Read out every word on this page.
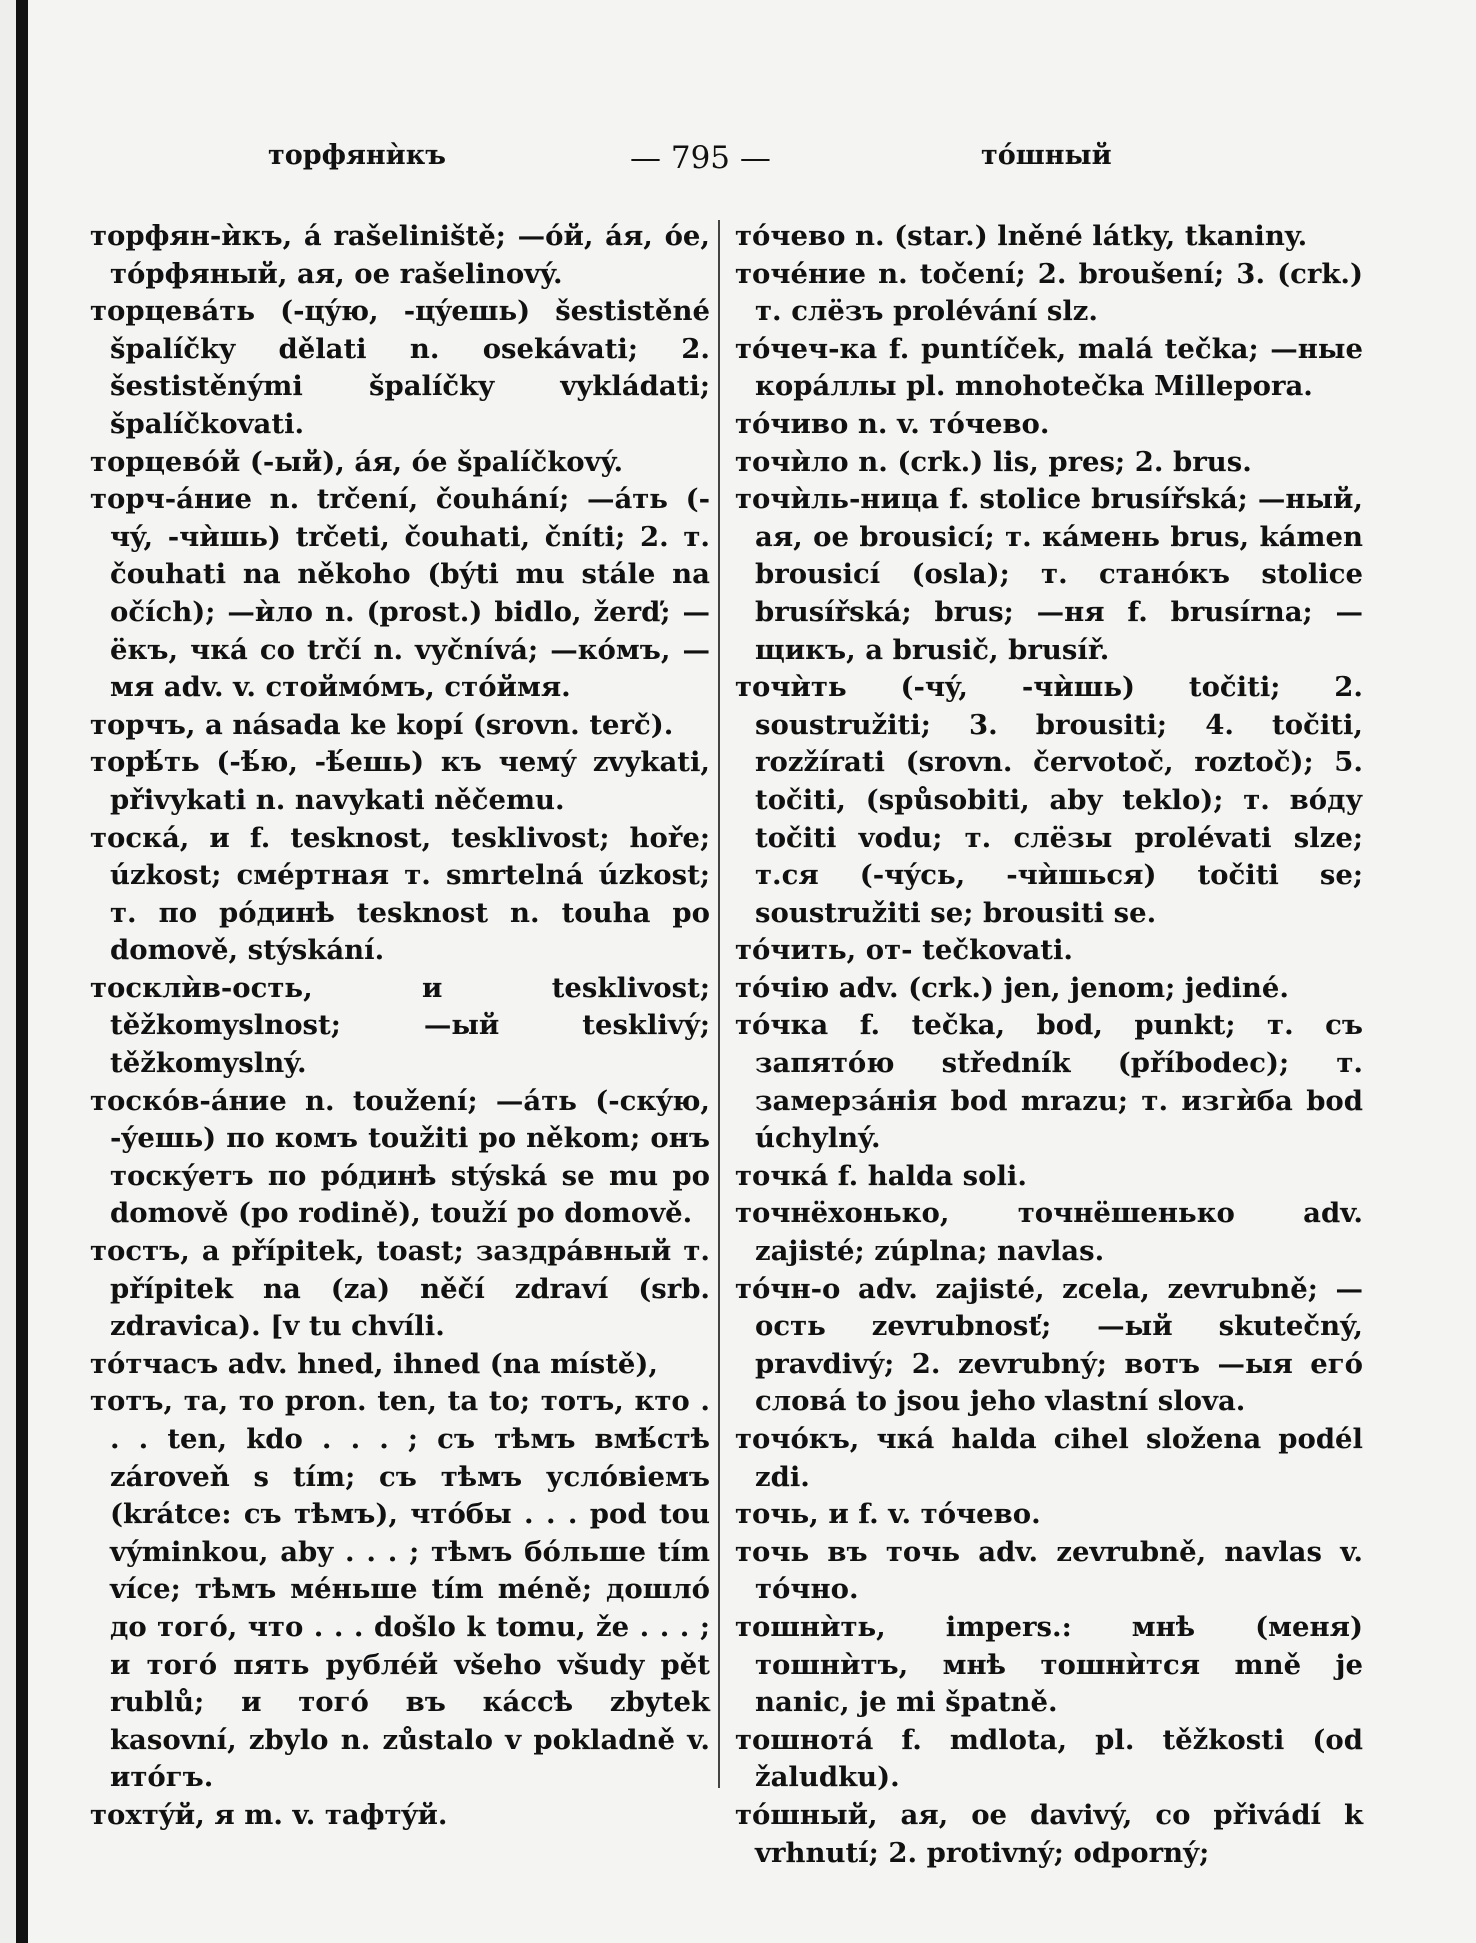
торфянѝкъ	— 795 —	тóшный

торфян-ѝкъ, á rašeliniště; —óй, áя, óе, тóрфяный, ая, ое rašelinový.

торцевáть (-цýю, -цýешь) šestistěné špalíčky dělati n. osekávati; 2. šestistěnými špalíčky vykládati; špalíčkovati.

торцевóй (-ый), áя, óе špalíčkový.

торч-áние n. trčení, čouhání; —áть (-чý, -чѝшь) trčeti, čouhati, čníti; 2. т. čouhati na někoho (býti mu stále na očích); —ѝло n. (prost.) bidlo, žerď; —ёкъ, чкá co trčí n. vyčnívá; —кóмъ, —мя adv. v. стоймóмъ, стóймя.

торчъ, a násada ke kopí (srovn. terč).

торѣ́ть (-ѣ́ю, -ѣ́ешь) къ чемý zvykati, přivykati n. navykati něčemu.

тоскá, и f. tesknost, tesklivost; hoře; úzkost; смéртная т. smrtelná úzkost; т. по рóдинѣ tesknost n. touha po domově, stýskání.

тосклѝв-ость, и tesklivost; těžkomyslnost; —ый tesklivý; těžkomyslný.

тоскóв-áние n. toužení; —áть (-скýю, -ýешь) по комъ toužiti po někom; онъ тоскýетъ по рóдинѣ stýská se mu po domově (po rodině), touží po domově.

тостъ, a přípitek, toast; заздрáвный т. přípitek na (za) něčí zdraví (srb. zdravica). [v tu chvíli.

тóтчасъ adv. hned, ihned (na místě),

тотъ, та, то pron. ten, ta to; тотъ, кто . . . ten, kdo . . . ; съ тѣмъ вмѣ́стѣ zároveň s tím; съ тѣмъ услóвіемъ (krátce: съ тѣмъ), чтóбы . . . pod tou výminkou, aby . . . ; тѣмъ бóльше tím více; тѣмъ мéньше tím méně; дошлó до тогó, что . . . došlo k tomu, že . . . ; и тогó пять рублéй všeho všudy pět rublů; и тогó въ кáссѣ zbytek kasovní, zbylo n. zůstalo v pokladně v. итóгъ.

тохтýй, я m. v. тафтýй.

тóчево n. (star.) lněné látky, tkaniny.

точéние n. točení; 2. broušení; 3. (crk.) т. слёзъ prolévání slz.

тóчеч-ка f. puntíček, malá tečka; —ные корáллы pl. mnohotečka Millepora.

тóчиво n. v. тóчево.

точѝло n. (crk.) lis, pres; 2. brus.

точѝль-ница f. stolice brusířská; —ный, ая, ое brousicí; т. кáмень brus, kámen brousicí (osla); т. станóкъ stolice brusířská; brus; —ня f. brusírna; —щикъ, a brusič, brusíř.

точѝть (-чý, -чѝшь) točiti; 2. soustružiti; 3. brousiti; 4. točiti, rozžírati (srovn. červotoč, roztoč); 5. točiti, (spůsobiti, aby teklo); т. вóду točiti vodu; т. слёзы prolévati slze; т.ся (-чýсь, -чѝшься) točiti se; soustružiti se; brousiti se.

тóчить, от- tečkovati.

тóчію adv. (crk.) jen, jenom; jediné.

тóчка f. tečka, bod, punkt; т. съ запятóю středník (příbodec); т. замерзáнія bod mrazu; т. изгѝба bod úchylný.

точкá f. halda soli.

точнёхонько, точнёшенько adv. zajisté; zúplna; navlas.

тóчн-о adv. zajisté, zcela, zevrubně; —ость zevrubnosť; —ый skutečný, pravdivý; 2. zevrubný; вотъ —ыя егó словá to jsou jeho vlastní slova.

точóкъ, чкá halda cihel složena podél zdi.

точь, и f. v. тóчево.

точь въ точь adv. zevrubně, navlas v. тóчно.

тошнѝть, impers.: мнѣ (меня) тошнѝтъ, мнѣ тошнѝтся mně je nanic, je mi špatně.

тошнотá f. mdlota, pl. těžkosti (od žaludku).

тóшный, ая, ое davivý, co přivádí k vrhnutí; 2. protivný; odporný;
